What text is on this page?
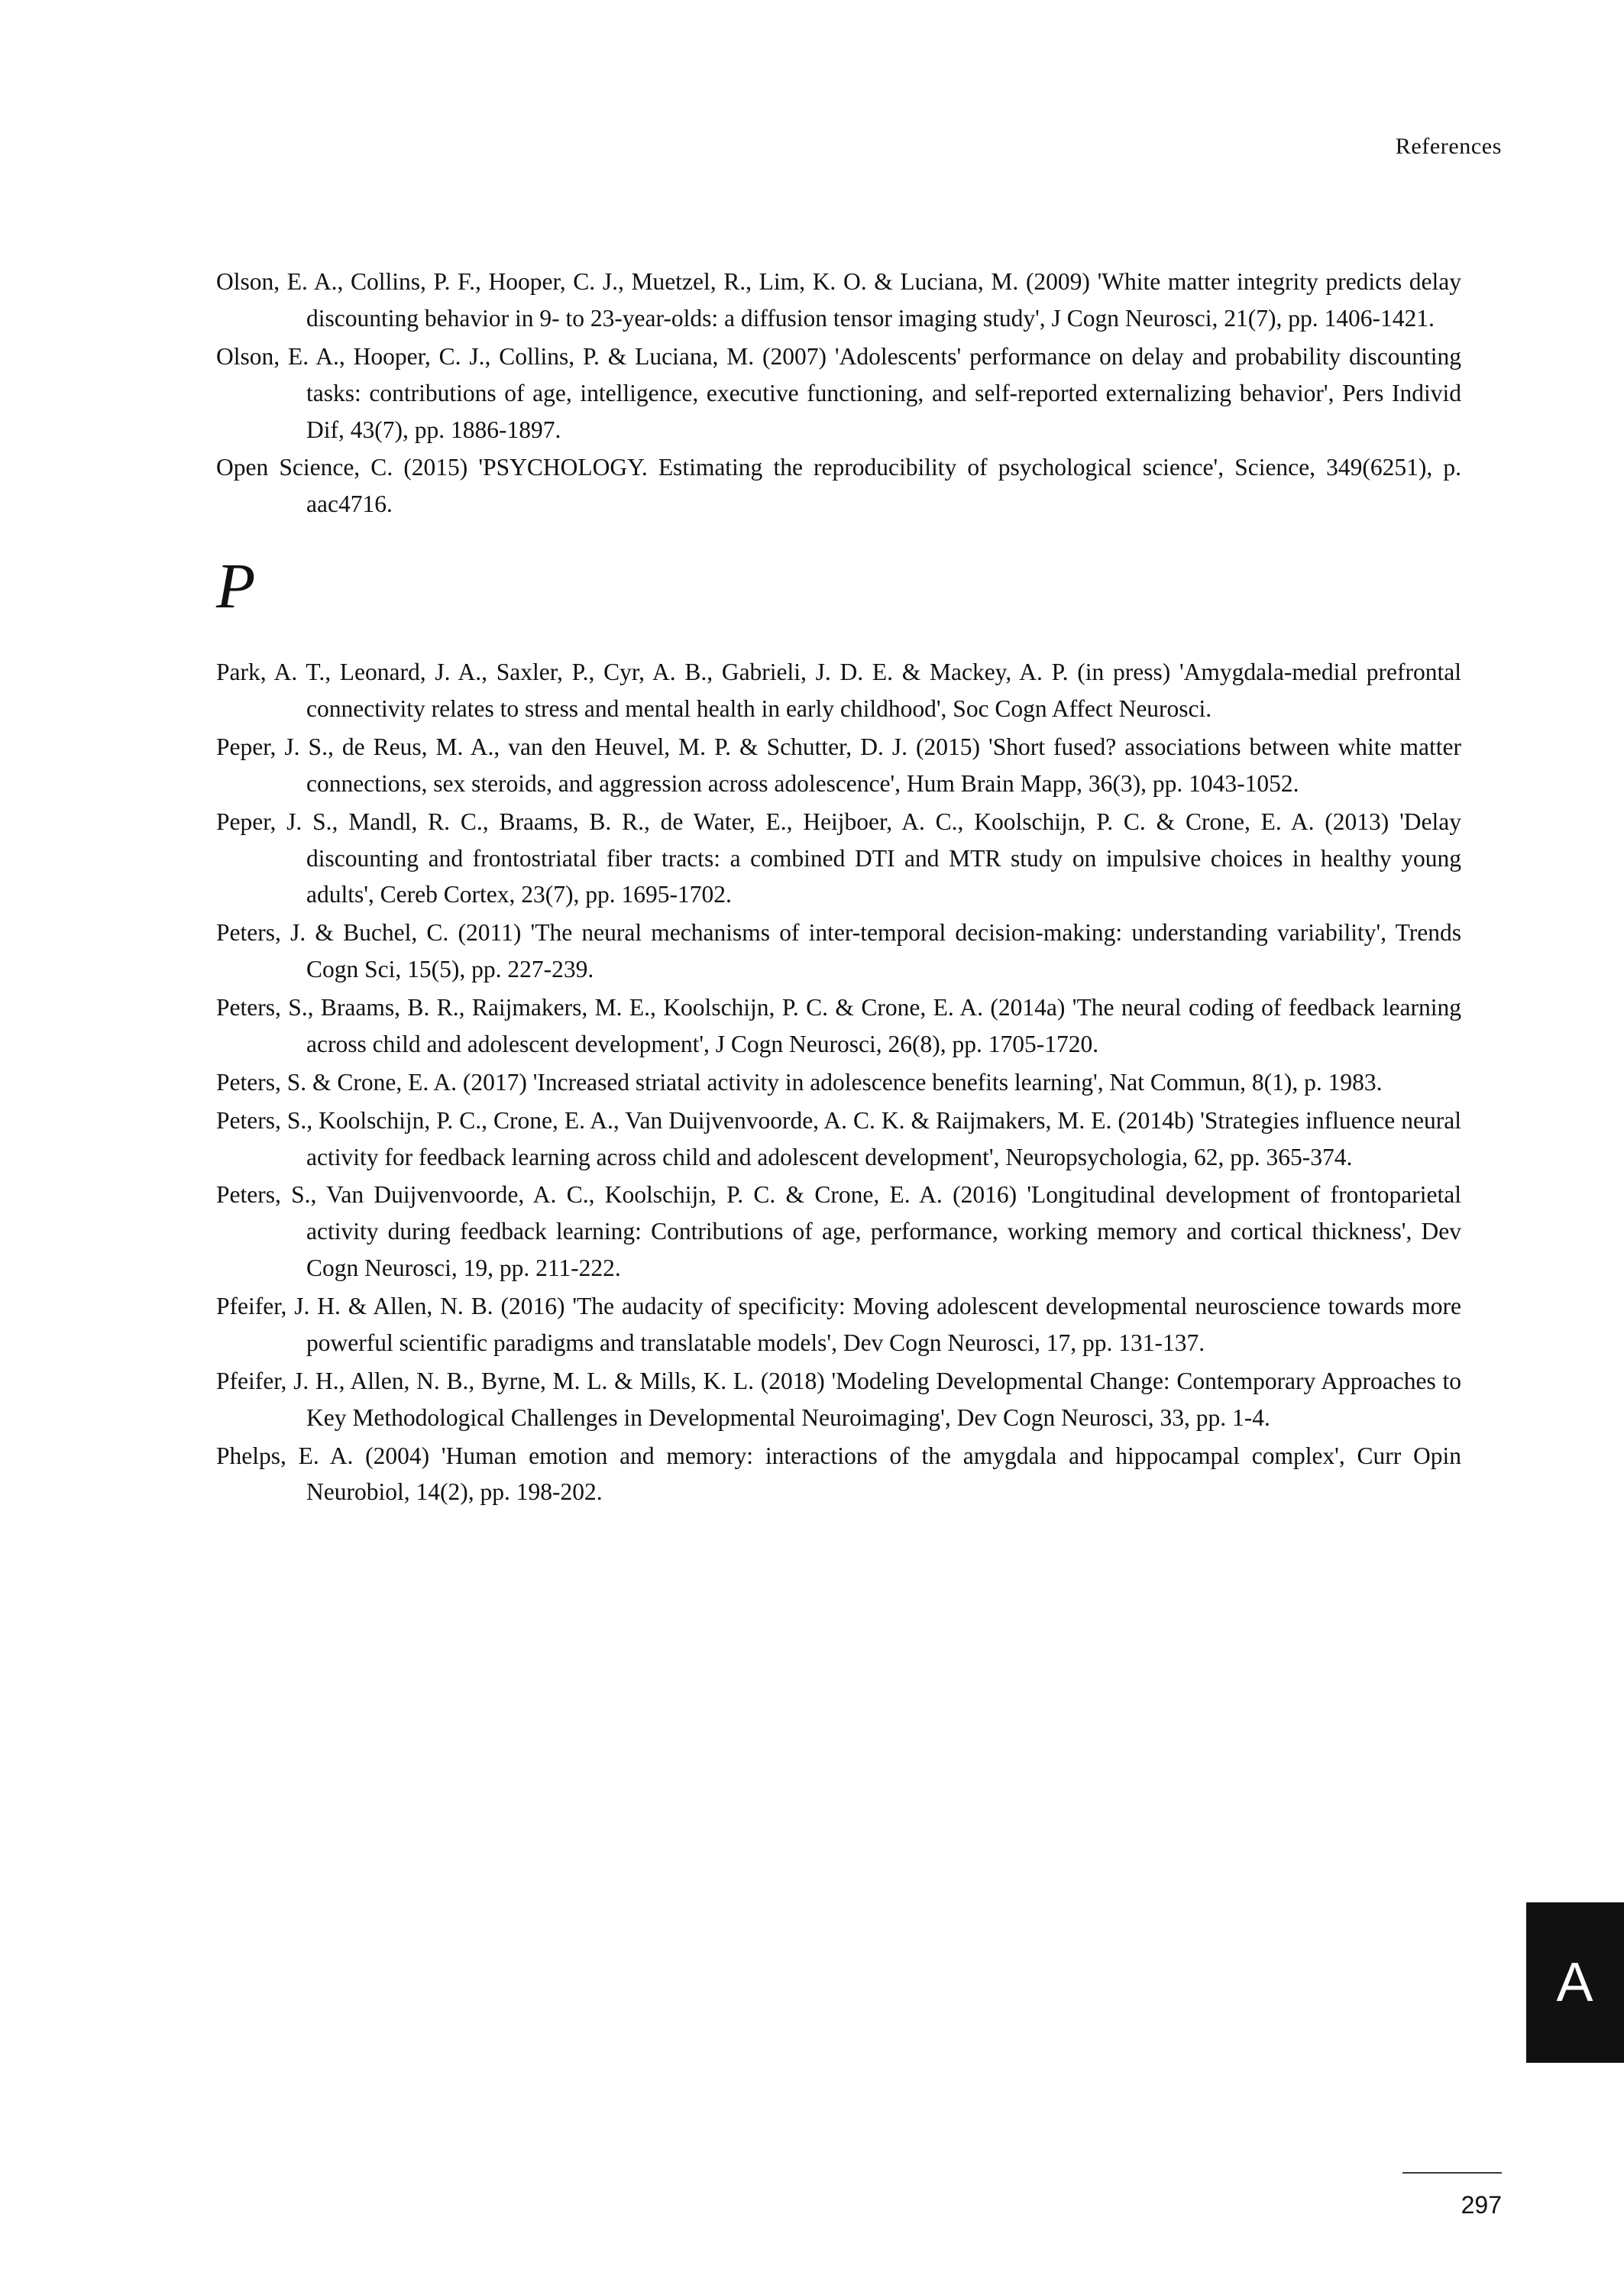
References
Olson, E. A., Collins, P. F., Hooper, C. J., Muetzel, R., Lim, K. O. & Luciana, M. (2009) 'White matter integrity predicts delay discounting behavior in 9- to 23-year-olds: a diffusion tensor imaging study', J Cogn Neurosci, 21(7), pp. 1406-1421.
Olson, E. A., Hooper, C. J., Collins, P. & Luciana, M. (2007) 'Adolescents' performance on delay and probability discounting tasks: contributions of age, intelligence, executive functioning, and self-reported externalizing behavior', Pers Individ Dif, 43(7), pp. 1886-1897.
Open Science, C. (2015) 'PSYCHOLOGY. Estimating the reproducibility of psychological science', Science, 349(6251), p. aac4716.
P
Park, A. T., Leonard, J. A., Saxler, P., Cyr, A. B., Gabrieli, J. D. E. & Mackey, A. P. (in press) 'Amygdala-medial prefrontal connectivity relates to stress and mental health in early childhood', Soc Cogn Affect Neurosci.
Peper, J. S., de Reus, M. A., van den Heuvel, M. P. & Schutter, D. J. (2015) 'Short fused? associations between white matter connections, sex steroids, and aggression across adolescence', Hum Brain Mapp, 36(3), pp. 1043-1052.
Peper, J. S., Mandl, R. C., Braams, B. R., de Water, E., Heijboer, A. C., Koolschijn, P. C. & Crone, E. A. (2013) 'Delay discounting and frontostriatal fiber tracts: a combined DTI and MTR study on impulsive choices in healthy young adults', Cereb Cortex, 23(7), pp. 1695-1702.
Peters, J. & Buchel, C. (2011) 'The neural mechanisms of inter-temporal decision-making: understanding variability', Trends Cogn Sci, 15(5), pp. 227-239.
Peters, S., Braams, B. R., Raijmakers, M. E., Koolschijn, P. C. & Crone, E. A. (2014a) 'The neural coding of feedback learning across child and adolescent development', J Cogn Neurosci, 26(8), pp. 1705-1720.
Peters, S. & Crone, E. A. (2017) 'Increased striatal activity in adolescence benefits learning', Nat Commun, 8(1), p. 1983.
Peters, S., Koolschijn, P. C., Crone, E. A., Van Duijvenvoorde, A. C. K. & Raijmakers, M. E. (2014b) 'Strategies influence neural activity for feedback learning across child and adolescent development', Neuropsychologia, 62, pp. 365-374.
Peters, S., Van Duijvenvoorde, A. C., Koolschijn, P. C. & Crone, E. A. (2016) 'Longitudinal development of frontoparietal activity during feedback learning: Contributions of age, performance, working memory and cortical thickness', Dev Cogn Neurosci, 19, pp. 211-222.
Pfeifer, J. H. & Allen, N. B. (2016) 'The audacity of specificity: Moving adolescent developmental neuroscience towards more powerful scientific paradigms and translatable models', Dev Cogn Neurosci, 17, pp. 131-137.
Pfeifer, J. H., Allen, N. B., Byrne, M. L. & Mills, K. L. (2018) 'Modeling Developmental Change: Contemporary Approaches to Key Methodological Challenges in Developmental Neuroimaging', Dev Cogn Neurosci, 33, pp. 1-4.
Phelps, E. A. (2004) 'Human emotion and memory: interactions of the amygdala and hippocampal complex', Curr Opin Neurobiol, 14(2), pp. 198-202.
A
297
